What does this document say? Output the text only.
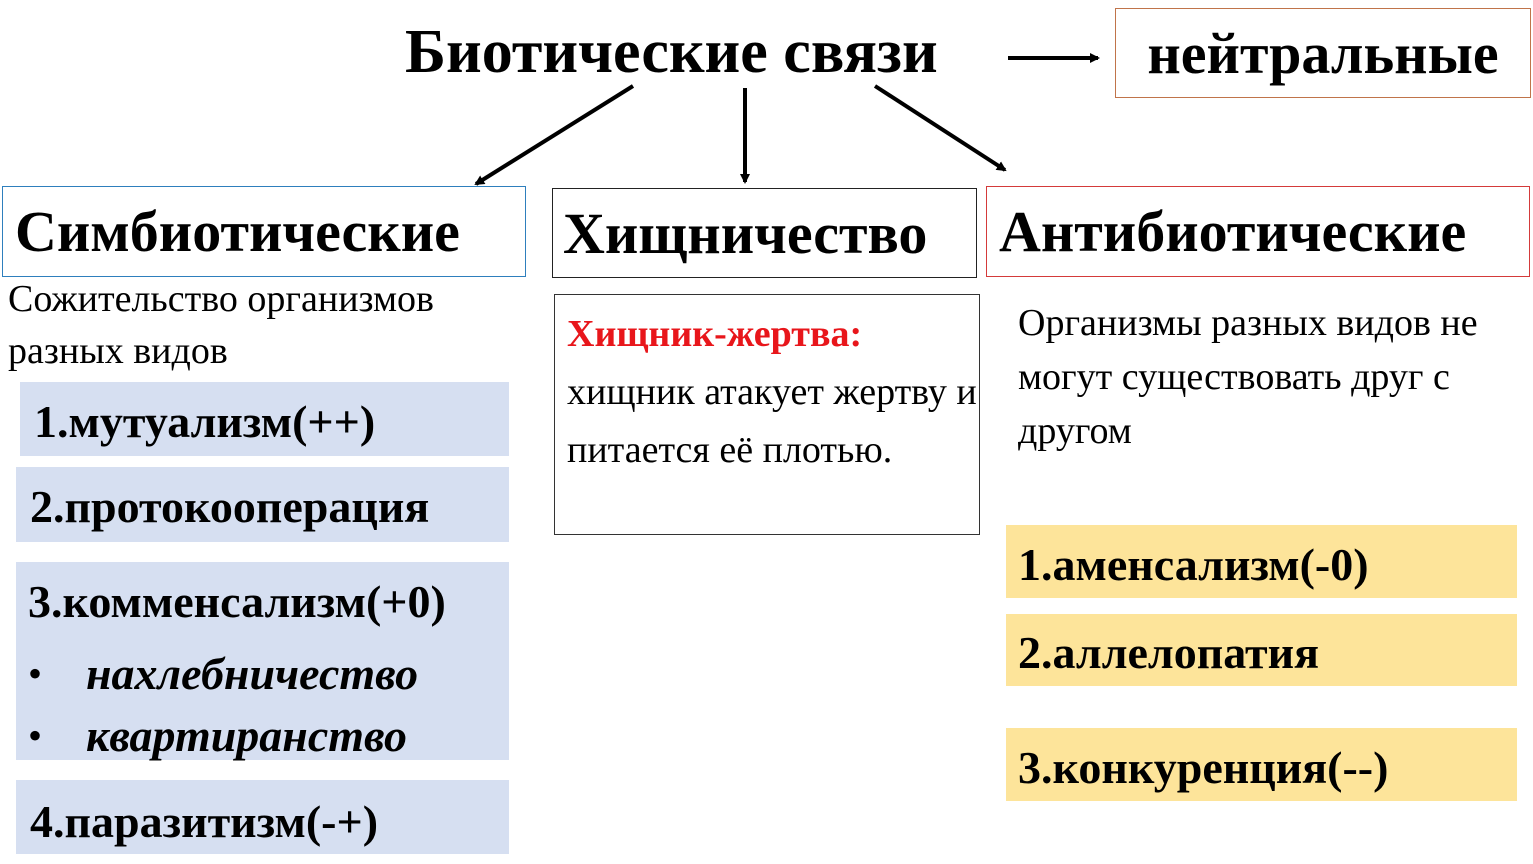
Биотические связи	нейтральные
Симбиотические	Хищничество	Антибиотические
Сожительство организмов разных видов
1.мутуализм(++)
2.протокооперация
3.комменсализм(+0)
• нахлебничество
• квартиранство
4.паразитизм(-+)
Хищник-жертва:
хищник атакует жертву и питается её плотью.
Организмы разных видов не могут существовать друг с другом
1.аменсализм(-0)
2.аллелопатия
3.конкуренция(--)
